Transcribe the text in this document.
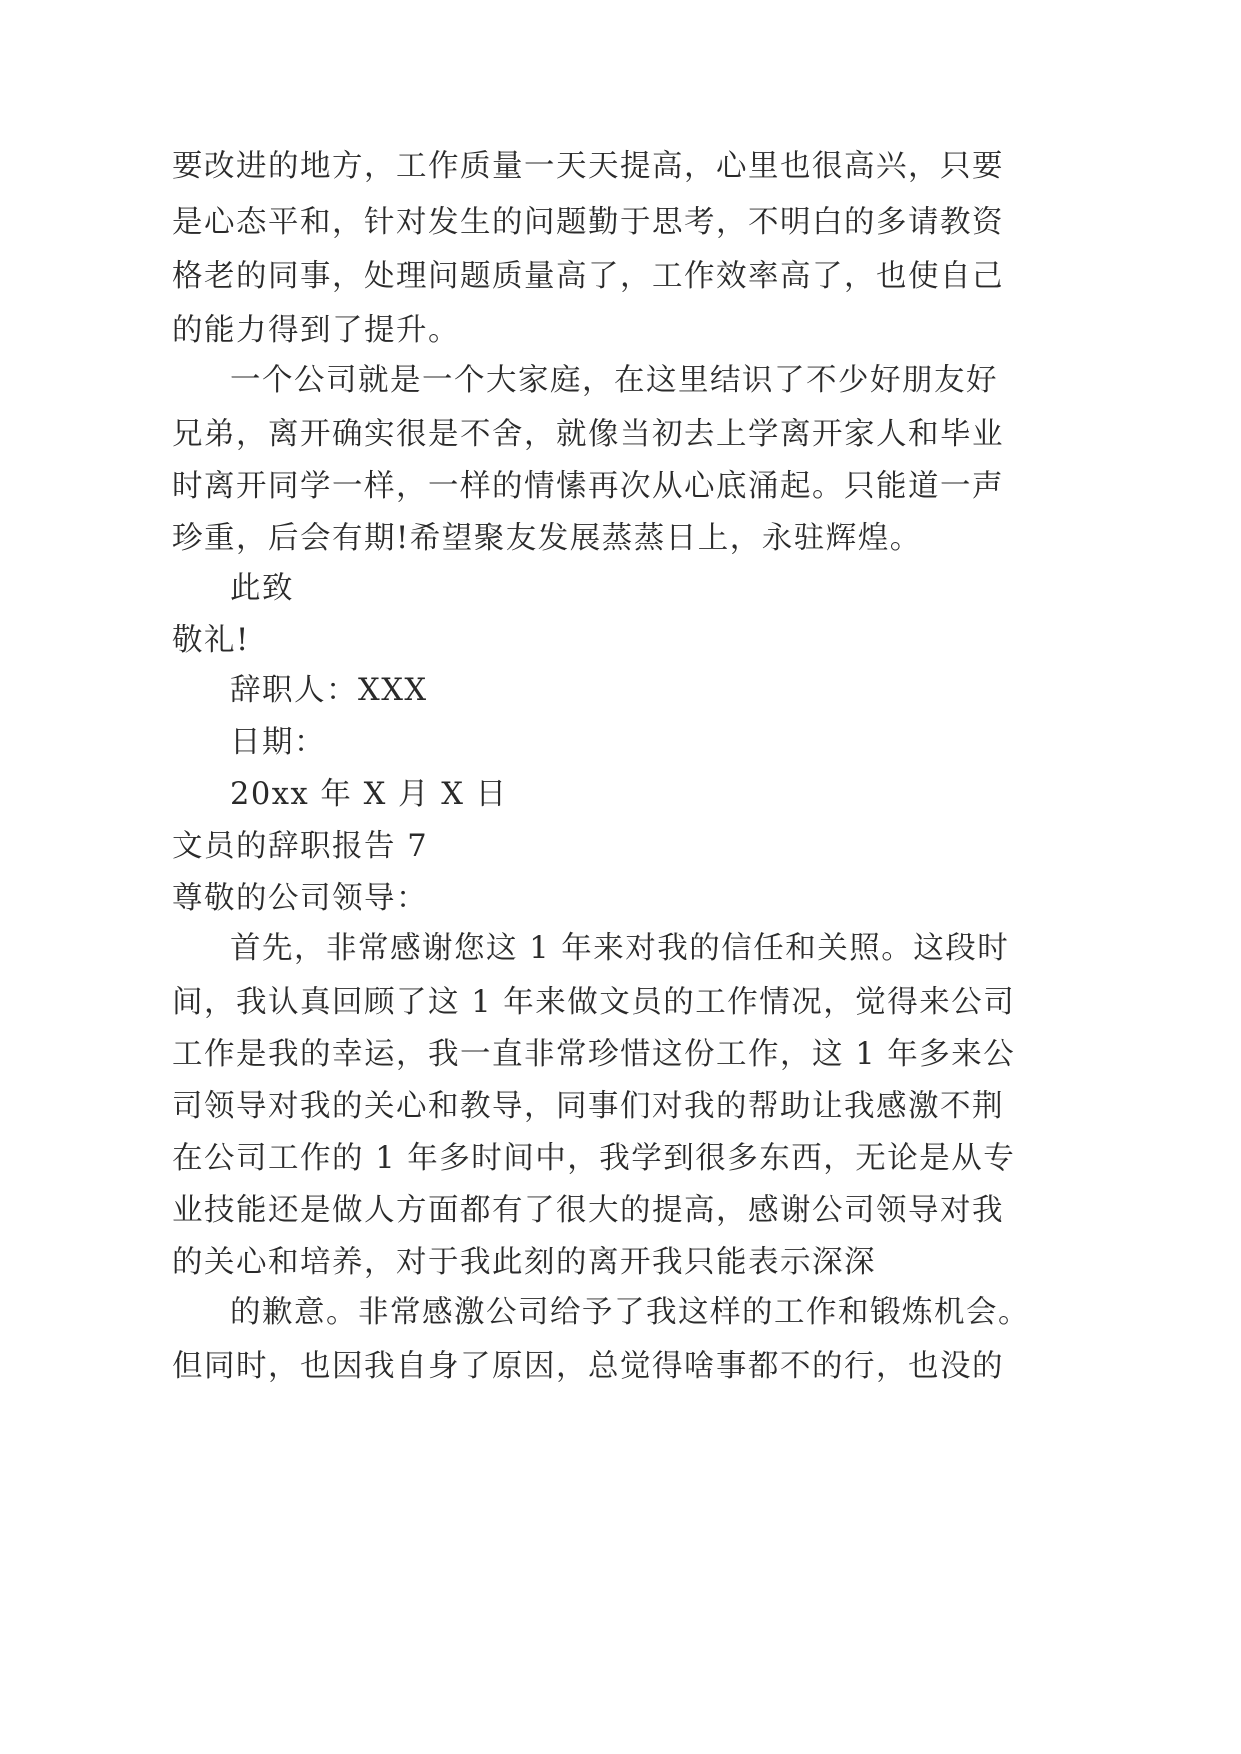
要改进的地方，工作质量一天天提高，心里也很高兴，只要
是心态平和，针对发生的问题勤于思考，不明白的多请教资
格老的同事，处理问题质量高了，工作效率高了，也使自己
的能力得到了提升。
一个公司就是一个大家庭，在这里结识了不少好朋友好
兄弟，离开确实很是不舍，就像当初去上学离开家人和毕业
时离开同学一样，一样的情愫再次从心底涌起。只能道一声
珍重，后会有期!希望聚友发展蒸蒸日上，永驻辉煌。
此致
敬礼!
辞职人：XXX
日期：
20xx 年 X 月 X 日
文员的辞职报告 7
尊敬的公司领导：
首先，非常感谢您这 1 年来对我的信任和关照。这段时
间，我认真回顾了这 1 年来做文员的工作情况，觉得来公司
工作是我的幸运，我一直非常珍惜这份工作，这 1 年多来公
司领导对我的关心和教导，同事们对我的帮助让我感激不荆
在公司工作的 1 年多时间中，我学到很多东西，无论是从专
业技能还是做人方面都有了很大的提高，感谢公司领导对我
的关心和培养，对于我此刻的离开我只能表示深深
的歉意。非常感激公司给予了我这样的工作和锻炼机会。
但同时，也因我自身了原因，总觉得啥事都不的行，也没的
